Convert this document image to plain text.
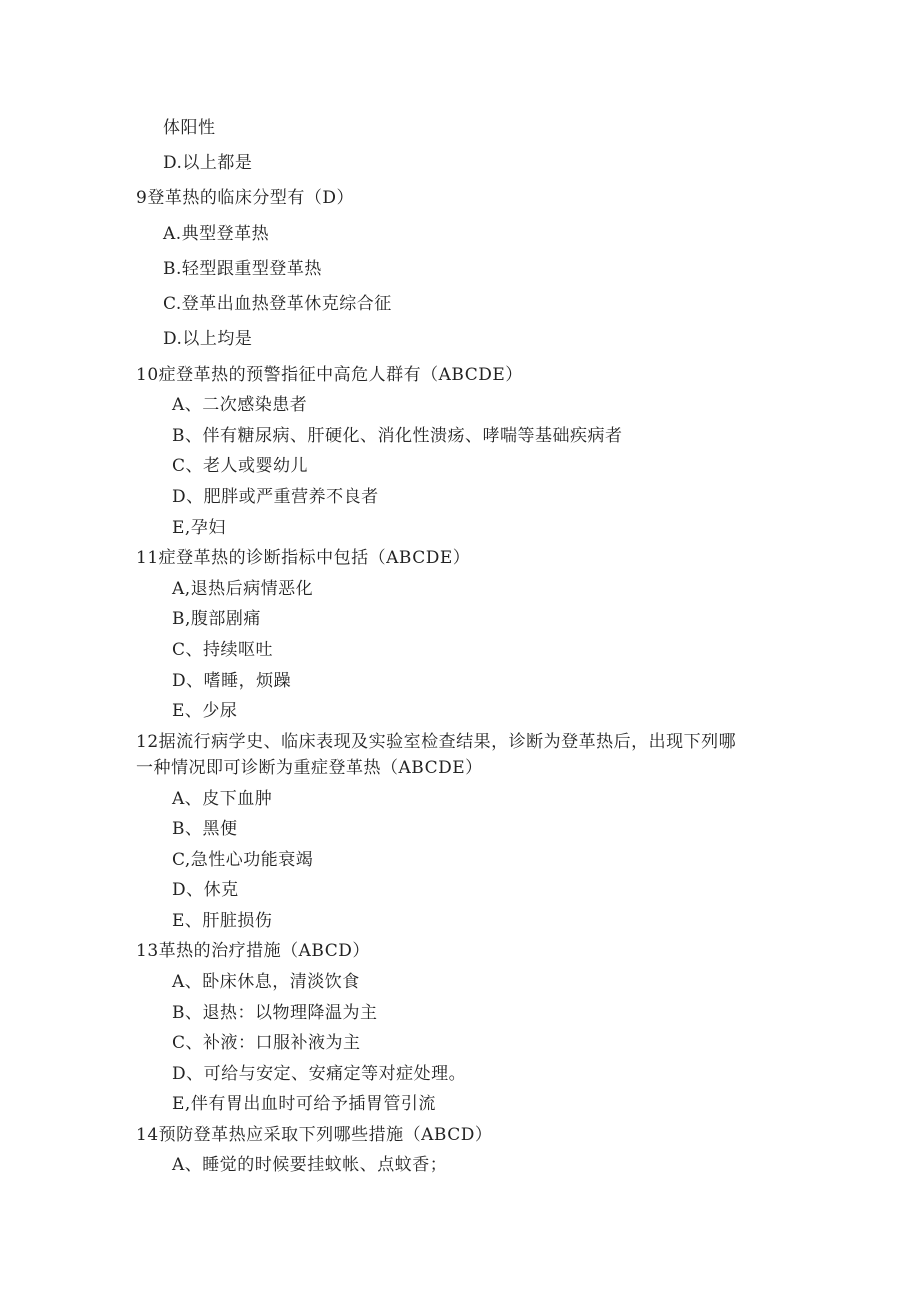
体阳性
D.以上都是
9登革热的临床分型有（D）
A.典型登革热
B.轻型跟重型登革热
C.登革出血热登革休克综合征
D.以上均是
10症登革热的预警指征中高危人群有（ABCDE）
A、二次感染患者
B、伴有糖尿病、肝硬化、消化性溃疡、哮喘等基础疾病者
C、老人或婴幼儿
D、肥胖或严重营养不良者
E,孕妇
11症登革热的诊断指标中包括（ABCDE）
A,退热后病情恶化
B,腹部剧痛
C、持续呕吐
D、嗜睡，烦躁
E、少尿
12据流行病学史、临床表现及实验室检查结果，诊断为登革热后，出现下列哪
一种情况即可诊断为重症登革热（ABCDE）
A、皮下血肿
B、黑便
C,急性心功能衰竭
D、休克
E、肝脏损伤
13革热的治疗措施（ABCD）
A、卧床休息，清淡饮食
B、退热：以物理降温为主
C、补液：口服补液为主
D、可给与安定、安痛定等对症处理。
E,伴有胃出血时可给予插胃管引流
14预防登革热应采取下列哪些措施（ABCD）
A、睡觉的时候要挂蚊帐、点蚊香；
